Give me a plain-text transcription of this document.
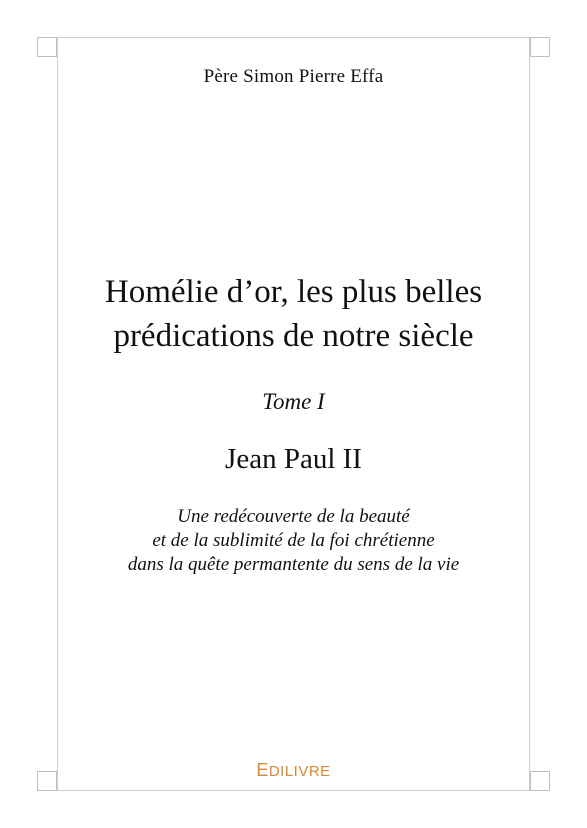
Père Simon Pierre Effa
Homélie d’or, les plus belles
prédications de notre siècle
Tome I
Jean Paul II
Une redécouverte de la beauté
et de la sublimité de la foi chrétienne
dans la quête permantente du sens de la vie
EDILIVRE
